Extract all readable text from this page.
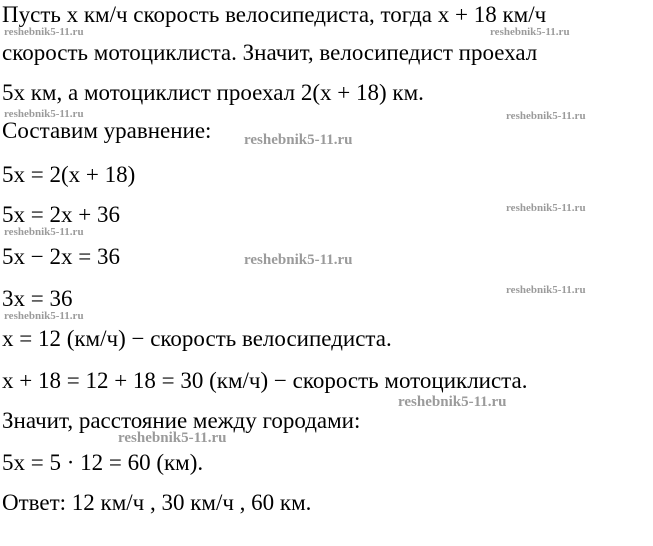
Пусть x км/ч скорость велосипедиста, тогда x + 18 км/ч
скорость мотоциклиста. Значит, велосипедист проехал
5x км, а мотоциклист проехал 2(x + 18) км.
Составим уравнение:
5x = 2(x + 18)
5x = 2x + 36
5x − 2x = 36
3x = 36
x = 12 (км/ч) − скорость велосипедиста.
x + 18 = 12 + 18 = 30 (км/ч) − скорость мотоциклиста.
Значит, расстояние между городами:
5x = 5 · 12 = 60 (км).
Ответ: 12 км/ч , 30 км/ч , 60 км.
reshebnik5-11.ru	reshebnik5-11.ru
reshebnik5-11.ru	reshebnik5-11.ru
reshebnik5-11.ru
reshebnik5-11.ru
reshebnik5-11.ru
reshebnik5-11.ru
reshebnik5-11.ru
reshebnik5-11.ru
reshebnik5-11.ru
reshebnik5-11.ru
